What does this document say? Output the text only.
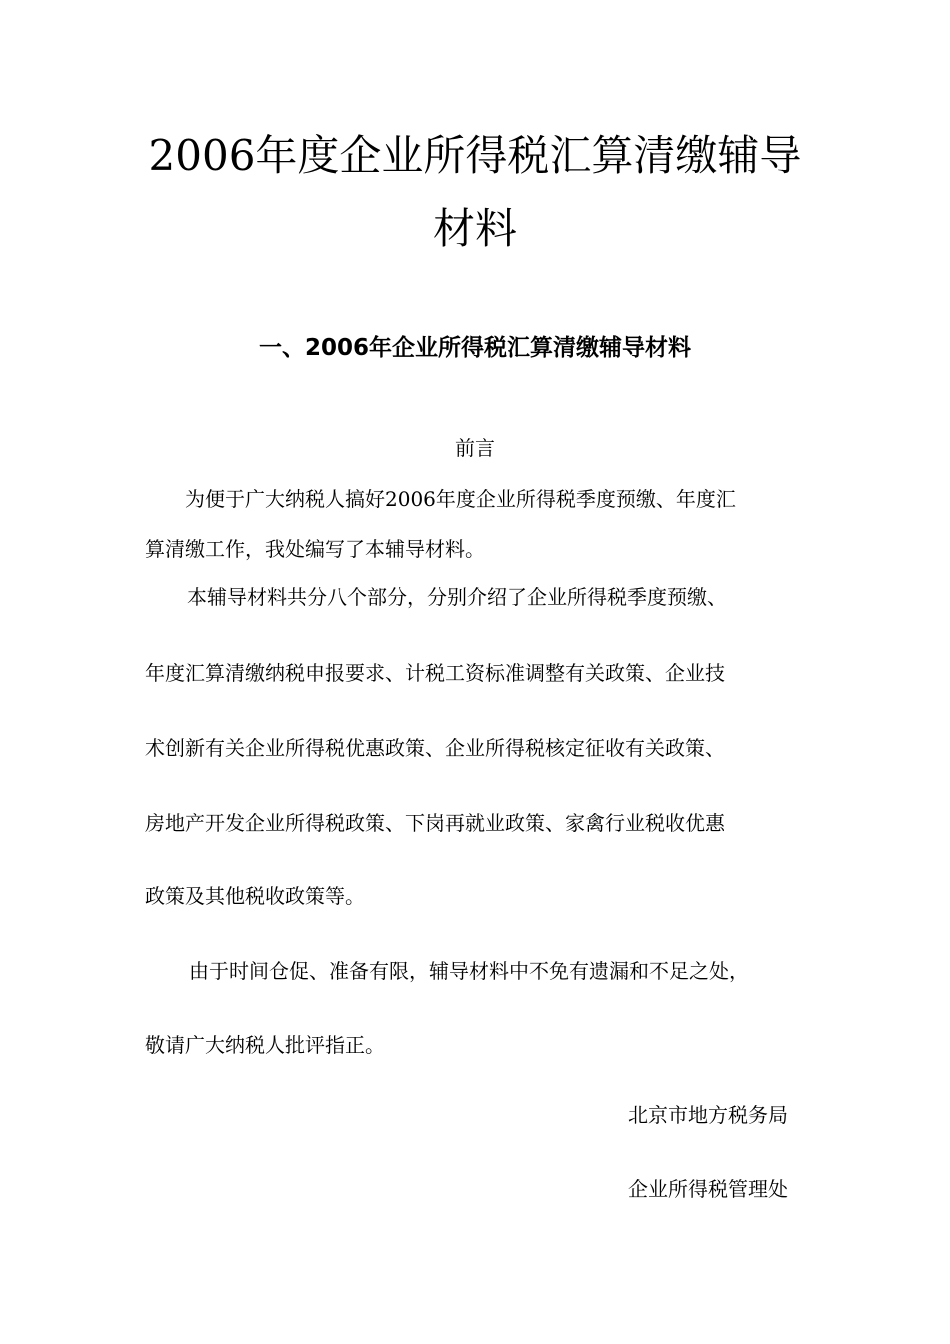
2006年度企业所得税汇算清缴辅导
材料
一、2006年企业所得税汇算清缴辅导材料
前言
为便于广大纳税人搞好2006年度企业所得税季度预缴、年度汇
算清缴工作，我处编写了本辅导材料。
本辅导材料共分八个部分，分别介绍了企业所得税季度预缴、
年度汇算清缴纳税申报要求、计税工资标准调整有关政策、企业技
术创新有关企业所得税优惠政策、企业所得税核定征收有关政策、
房地产开发企业所得税政策、下岗再就业政策、家禽行业税收优惠
政策及其他税收政策等。
由于时间仓促、准备有限，辅导材料中不免有遗漏和不足之处，
敬请广大纳税人批评指正。
北京市地方税务局
企业所得税管理处
